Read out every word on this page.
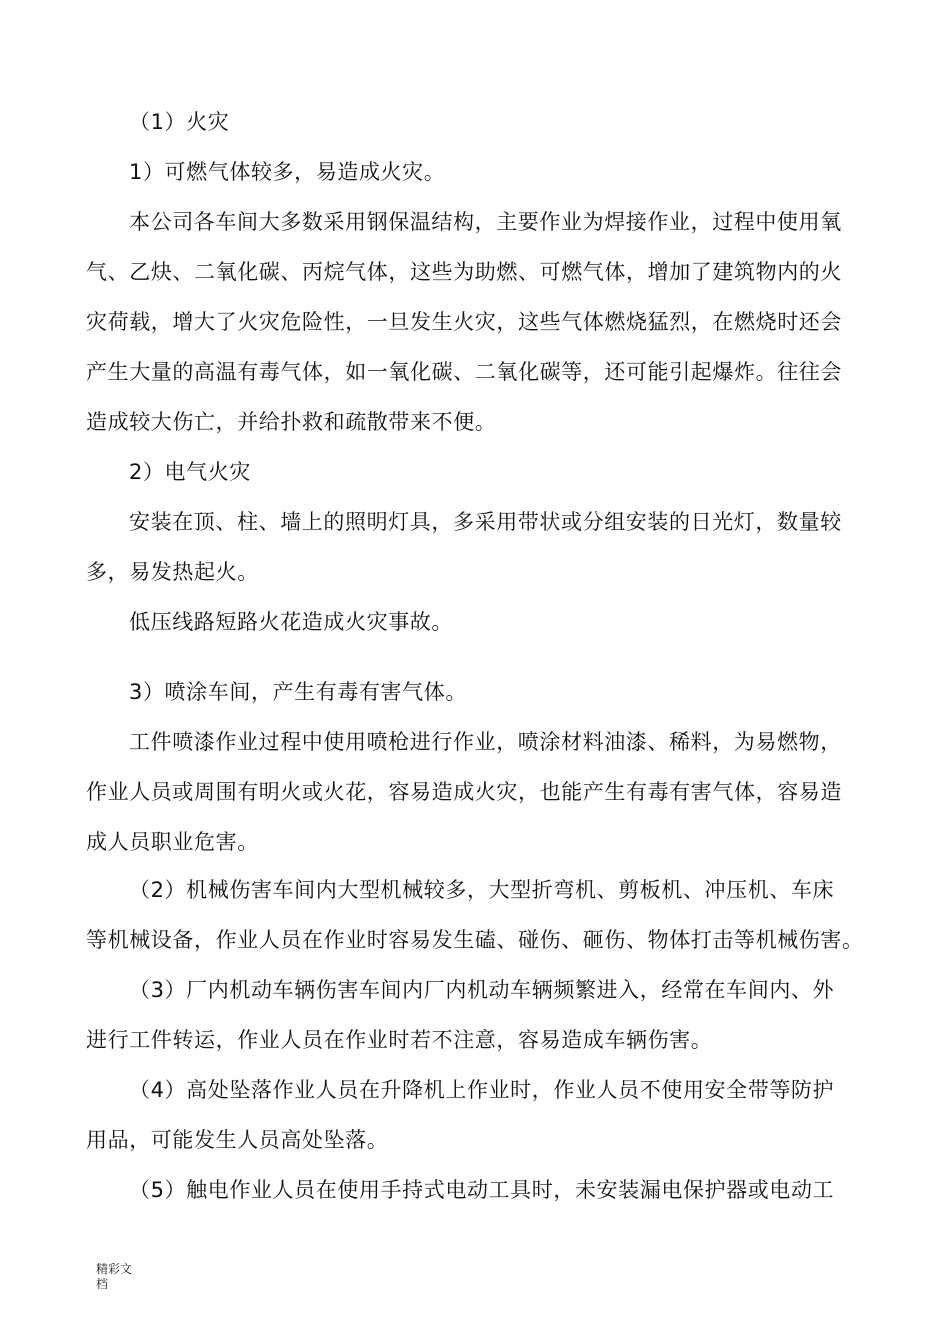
（1）火灾
1）可燃气体较多，易造成火灾。
本公司各车间大多数采用钢保温结构，主要作业为焊接作业，过程中使用氧
气、乙炔、二氧化碳、丙烷气体，这些为助燃、可燃气体，增加了建筑物内的火
灾荷载，增大了火灾危险性，一旦发生火灾，这些气体燃烧猛烈，在燃烧时还会
产生大量的高温有毒气体，如一氧化碳、二氧化碳等，还可能引起爆炸。往往会
造成较大伤亡，并给扑救和疏散带来不便。
2）电气火灾
安装在顶、柱、墙上的照明灯具，多采用带状或分组安装的日光灯，数量较
多，易发热起火。
低压线路短路火花造成火灾事故。
3）喷涂车间，产生有毒有害气体。
工件喷漆作业过程中使用喷枪进行作业，喷涂材料油漆、稀料，为易燃物，
作业人员或周围有明火或火花，容易造成火灾，也能产生有毒有害气体，容易造
成人员职业危害。
（2）机械伤害车间内大型机械较多，大型折弯机、剪板机、冲压机、车床
等机械设备，作业人员在作业时容易发生磕、碰伤、砸伤、物体打击等机械伤害。
（3）厂内机动车辆伤害车间内厂内机动车辆频繁进入，经常在车间内、外
进行工件转运，作业人员在作业时若不注意，容易造成车辆伤害。
（4）高处坠落作业人员在升降机上作业时，作业人员不使用安全带等防护
用品，可能发生人员高处坠落。
（5）触电作业人员在使用手持式电动工具时，未安装漏电保护器或电动工
精彩文
档
